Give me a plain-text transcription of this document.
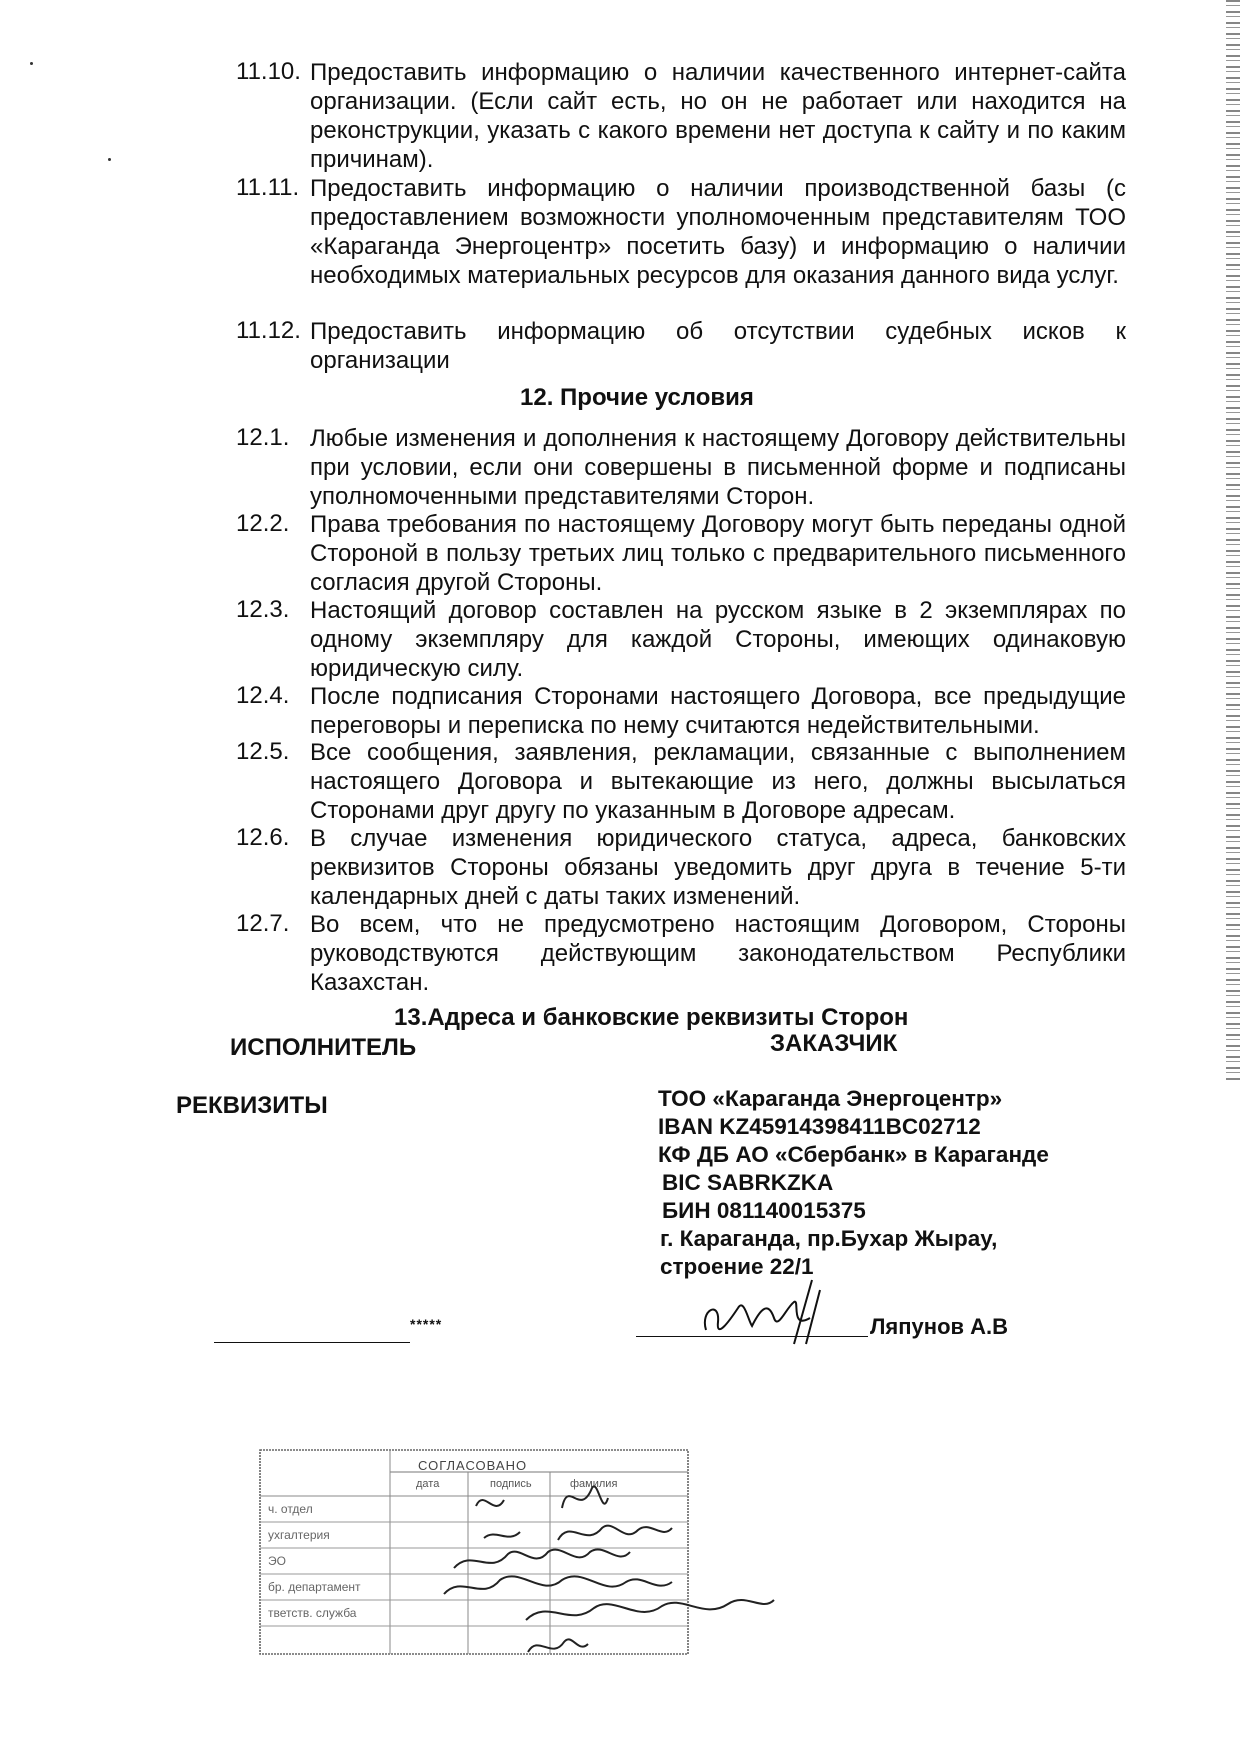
11.10. Предоставить информацию о наличии качественного интернет-сайта организации. (Если сайт есть, но он не работает или находится на реконструкции, указать с какого времени нет доступа к сайту и по каким причинам).
11.11. Предоставить информацию о наличии производственной базы (с предоставлением возможности уполномоченным представителям ТОО «Караганда Энергоцентр» посетить базу) и информацию о наличии необходимых материальных ресурсов для оказания данного вида услуг.
11.12. Предоставить информацию об отсутствии судебных исков к организации
12. Прочие условия
12.1. Любые изменения и дополнения к настоящему Договору действительны при условии, если они совершены в письменной форме и подписаны уполномоченными представителями Сторон.
12.2. Права требования по настоящему Договору могут быть переданы одной Стороной в пользу третьих лиц только с предварительного письменного согласия другой Стороны.
12.3. Настоящий договор составлен на русском языке в 2 экземплярах по одному экземпляру для каждой Стороны, имеющих одинаковую юридическую силу.
12.4. После подписания Сторонами настоящего Договора, все предыдущие переговоры и переписка по нему считаются недействительными.
12.5. Все сообщения, заявления, рекламации, связанные с выполнением настоящего Договора и вытекающие из него, должны высылаться Сторонами друг другу по указанным в Договоре адресам.
12.6. В случае изменения юридического статуса, адреса, банковских реквизитов Стороны обязаны уведомить друг друга в течение 5-ти календарных дней с даты таких изменений.
12.7. Во всем, что не предусмотрено настоящим Договором, Стороны руководствуются действующим законодательством Республики Казахстан.
13.Адреса и банковские реквизиты Сторон
ИСПОЛНИТЕЛЬ	ЗАКАЗЧИК
РЕКВИЗИТЫ	ТОО «Караганда Энергоцентр»
IBAN KZ45914398411BC02712
КФ ДБ АО «Сбербанк» в Караганде
BIC SABRKZKA
БИН 081140015375
г. Караганда, пр.Бухар Жырау,
строение 22/1
*****	Ляпунов А.В
СОГЛАСОВАНО
дата	подпись	фамилия
ч. отдел
ухгалтерия
ЭО
бр. департамент
тветств. служба
